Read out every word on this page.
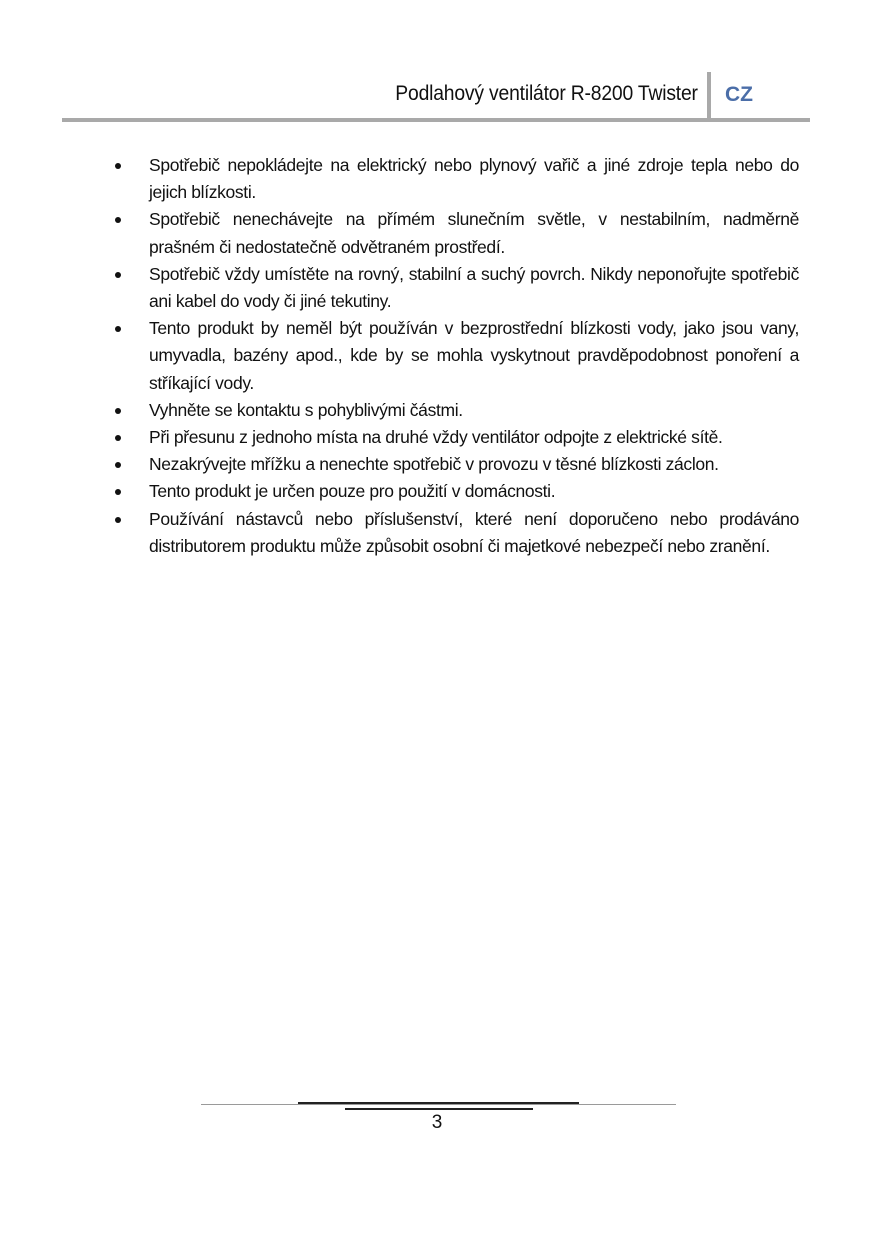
Podlahový ventilátor R-8200 Twister CZ
Spotřebič nepokládejte na elektrický nebo plynový vařič a jiné zdroje tepla nebo do jejich blízkosti.
Spotřebič nenechávejte na přímém slunečním světle, v nestabilním, nadměrně prašném či nedostatečně odvětraném prostředí.
Spotřebič vždy umístěte na rovný, stabilní a suchý povrch. Nikdy neponořujte spotřebič ani kabel do vody či jiné tekutiny.
Tento produkt by neměl být používán v bezprostřední blízkosti vody, jako jsou vany, umyvadla, bazény apod., kde by se mohla vyskytnout pravděpodobnost ponoření a stříkající vody.
Vyhněte se kontaktu s pohyblivými částmi.
Při přesunu z jednoho místa na druhé vždy ventilátor odpojte z elektrické sítě.
Nezakrývejte mřížku a nenechte spotřebič v provozu v těsné blízkosti záclon.
Tento produkt je určen pouze pro použití v domácnosti.
Používání nástavců nebo příslušenství, které není doporučeno nebo prodáváno distributorem produktu může způsobit osobní či majetkové nebezpečí nebo zranění.
3
